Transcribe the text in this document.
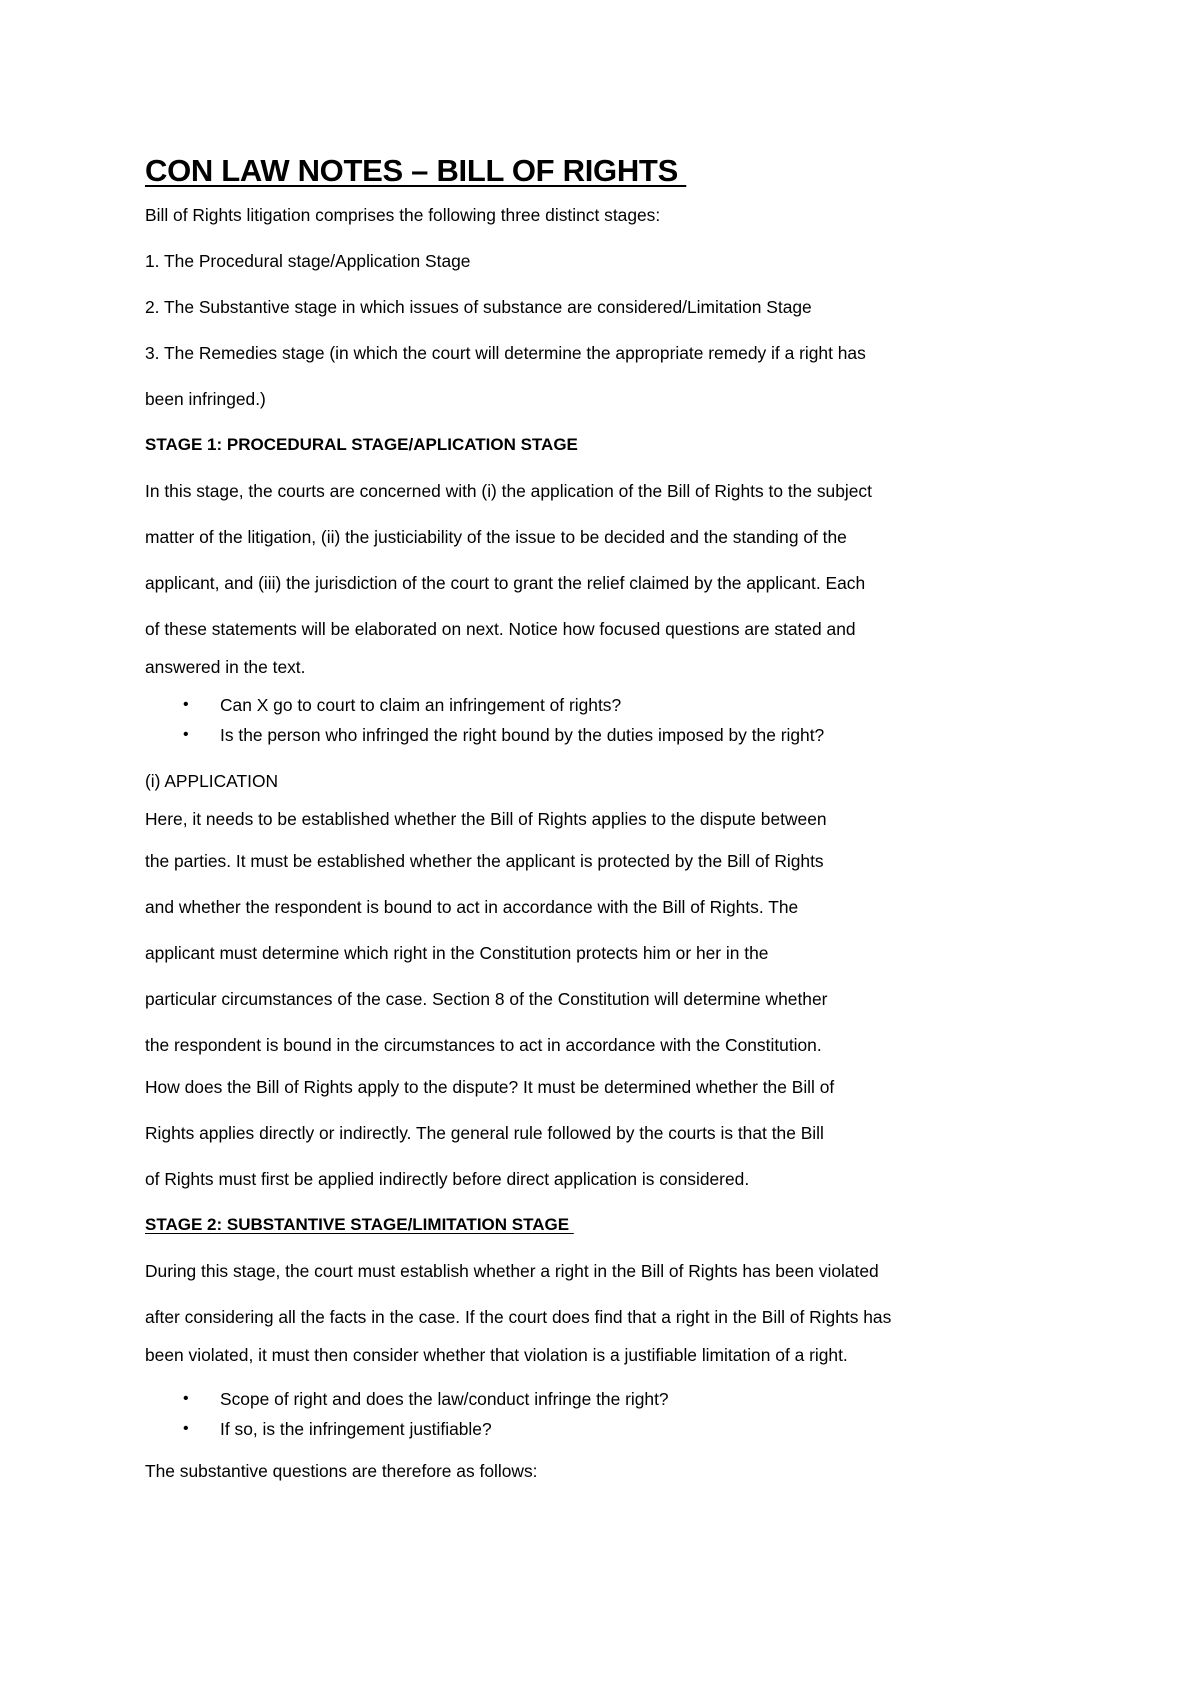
CON LAW NOTES – BILL OF RIGHTS

Bill of Rights litigation comprises the following three distinct stages:

1. The Procedural stage/Application Stage

2. The Substantive stage in which issues of substance are considered/Limitation Stage

3. The Remedies stage (in which the court will determine the appropriate remedy if a right has

been infringed.)

STAGE 1: PROCEDURAL STAGE/APLICATION STAGE

In this stage, the courts are concerned with (i) the application of the Bill of Rights to the subject

matter of the litigation, (ii) the justiciability of the issue to be decided and the standing of the

applicant, and (iii) the jurisdiction of the court to grant the relief claimed by the applicant. Each

of these statements will be elaborated on next. Notice how focused questions are stated and

answered in the text.

• Can X go to court to claim an infringement of rights?
• Is the person who infringed the right bound by the duties imposed by the right?

(i) APPLICATION

Here, it needs to be established whether the Bill of Rights applies to the dispute between

the parties. It must be established whether the applicant is protected by the Bill of Rights

and whether the respondent is bound to act in accordance with the Bill of Rights. The

applicant must determine which right in the Constitution protects him or her in the

particular circumstances of the case. Section 8 of the Constitution will determine whether

the respondent is bound in the circumstances to act in accordance with the Constitution.

How does the Bill of Rights apply to the dispute? It must be determined whether the Bill of

Rights applies directly or indirectly. The general rule followed by the courts is that the Bill

of Rights must first be applied indirectly before direct application is considered.

STAGE 2: SUBSTANTIVE STAGE/LIMITATION STAGE

During this stage, the court must establish whether a right in the Bill of Rights has been violated

after considering all the facts in the case. If the court does find that a right in the Bill of Rights has

been violated, it must then consider whether that violation is a justifiable limitation of a right.

• Scope of right and does the law/conduct infringe the right?
• If so, is the infringement justifiable?

The substantive questions are therefore as follows:
